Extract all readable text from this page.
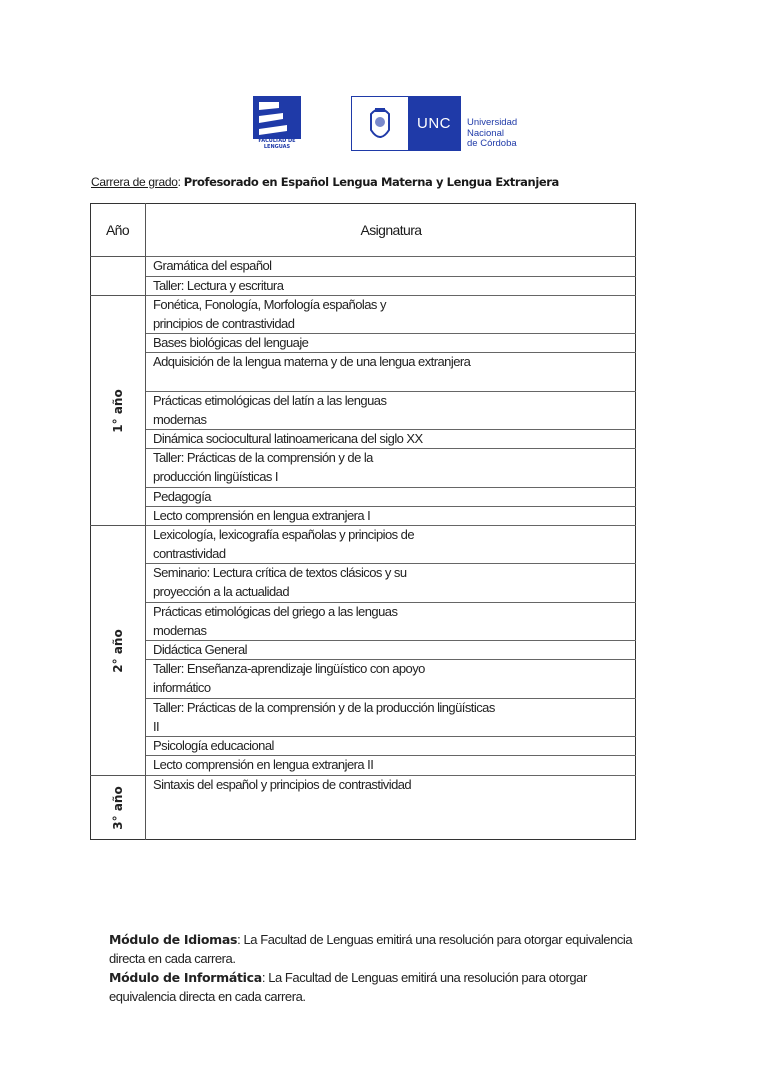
FACULTAD DE LENGUAS
UNC	Universidad
Nacional
de Córdoba
Carrera de grado: Profesorado en Español Lengua Materna y Lengua Extranjera
Año	Asignatura
Gramática del español
Taller: Lectura y escritura
Fonética, Fonología, Morfología españolas y
principios de contrastividad
Bases biológicas del lenguaje
Adquisición de la lengua materna y de una lengua extranjera
Prácticas etimológicas del latín a las lenguas
modernas
Dinámica sociocultural latinoamericana del siglo XX
Taller: Prácticas de la comprensión y de la
producción lingüísticas I
Pedagogía
Lecto comprensión en lengua extranjera I
1° año
Lexicología, lexicografía españolas y principios de
contrastividad
Seminario: Lectura crítica de textos clásicos y su
proyección a la actualidad
Prácticas etimológicas del griego a las lenguas
modernas
Didáctica General
Taller: Enseñanza-aprendizaje lingüístico con apoyo
informático
Taller: Prácticas de la comprensión y de la producción lingüísticas
II
Psicología educacional
Lecto comprensión en lengua extranjera II
2° año
Sintaxis del español y principios de contrastividad
3° año
Módulo de Idiomas: La Facultad de Lenguas emitirá una resolución para otorgar equivalencia directa en cada carrera.
Módulo de Informática: La Facultad de Lenguas emitirá una resolución para otorgar equivalencia directa en cada carrera.
